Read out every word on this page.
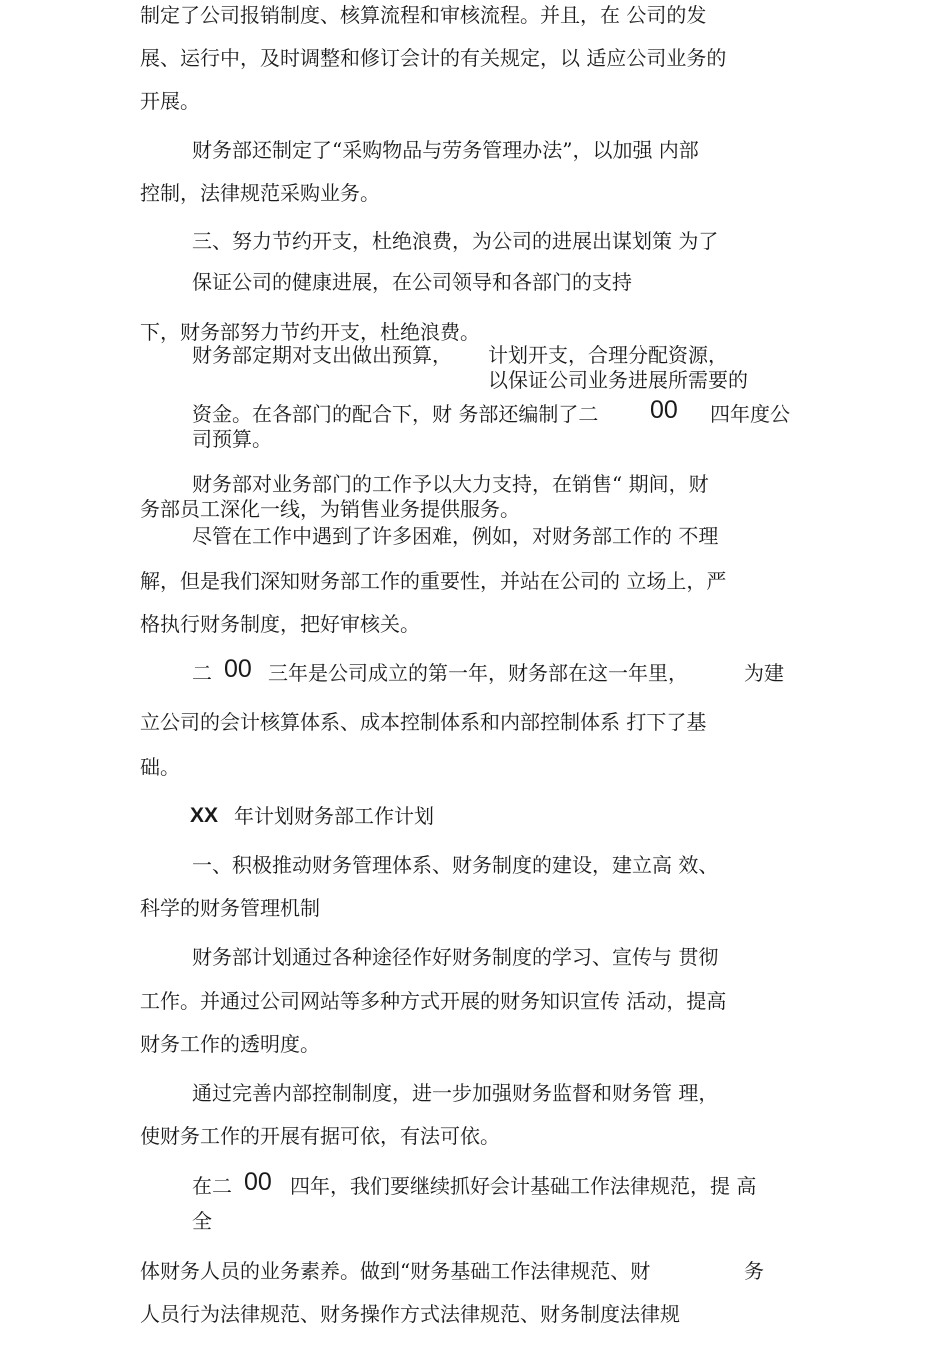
制定了公司报销制度、核算流程和审核流程。并且，在 公司的发
展、运行中，及时调整和修订会计的有关规定，以 适应公司业务的
开展。
财务部还制定了“采购物品与劳务管理办法”，以加强 内部
控制，法律规范采购业务。
三、努力节约开支，杜绝浪费，为公司的进展出谋划策 为了
保证公司的健康进展，在公司领导和各部门的支持
下，财务部努力节约开支，杜绝浪费。
财务部定期对支出做出预算， 计划开支，合理分配资源，
以保证公司业务进展所需要的
资金。在各部门的配合下，财 务部还编制了二 00 四年度公
司预算。
财务部对业务部门的工作予以大力支持，在销售“ 期间，财
务部员工深化一线，为销售业务提供服务。
尽管在工作中遇到了许多困难，例如，对财务部工作的 不理
解，但是我们深知财务部工作的重要性，并站在公司的 立场上，严
格执行财务制度，把好审核关。
二 00 三年是公司成立的第一年，财务部在这一年里，	为建
立公司的会计核算体系、成本控制体系和内部控制体系 打下了基
础。
XX 年计划财务部工作计划
一、积极推动财务管理体系、财务制度的建设，建立高 效、
科学的财务管理机制
财务部计划通过各种途径作好财务制度的学习、宣传与 贯彻
工作。并通过公司网站等多种方式开展的财务知识宣传 活动，提高
财务工作的透明度。
通过完善内部控制制度，进一步加强财务监督和财务管 理，
使财务工作的开展有据可依，有法可依。
在二 00 四年，我们要继续抓好会计基础工作法律规范，提 高
全
体财务人员的业务素养。做到“财务基础工作法律规范、财	务
人员行为法律规范、财务操作方式法律规范、财务制度法律规
